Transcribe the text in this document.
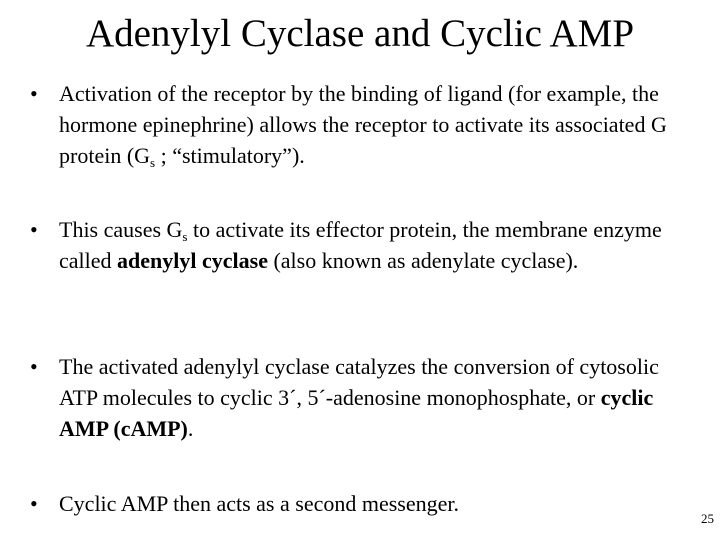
Adenylyl Cyclase and Cyclic AMP
• Activation of the receptor by the binding of ligand (for example, the hormone epinephrine) allows the receptor to activate its associated G protein ($G_s$ ; “stimulatory”).
• This causes $G_s$ to activate its effector protein, the membrane enzyme called adenylyl cyclase (also known as adenylate cyclase).
• The activated adenylyl cyclase catalyzes the conversion of cytosolic ATP molecules to cyclic 3´, 5´-adenosine monophosphate, or cyclic AMP (cAMP).
• Cyclic AMP then acts as a second messenger.
25
